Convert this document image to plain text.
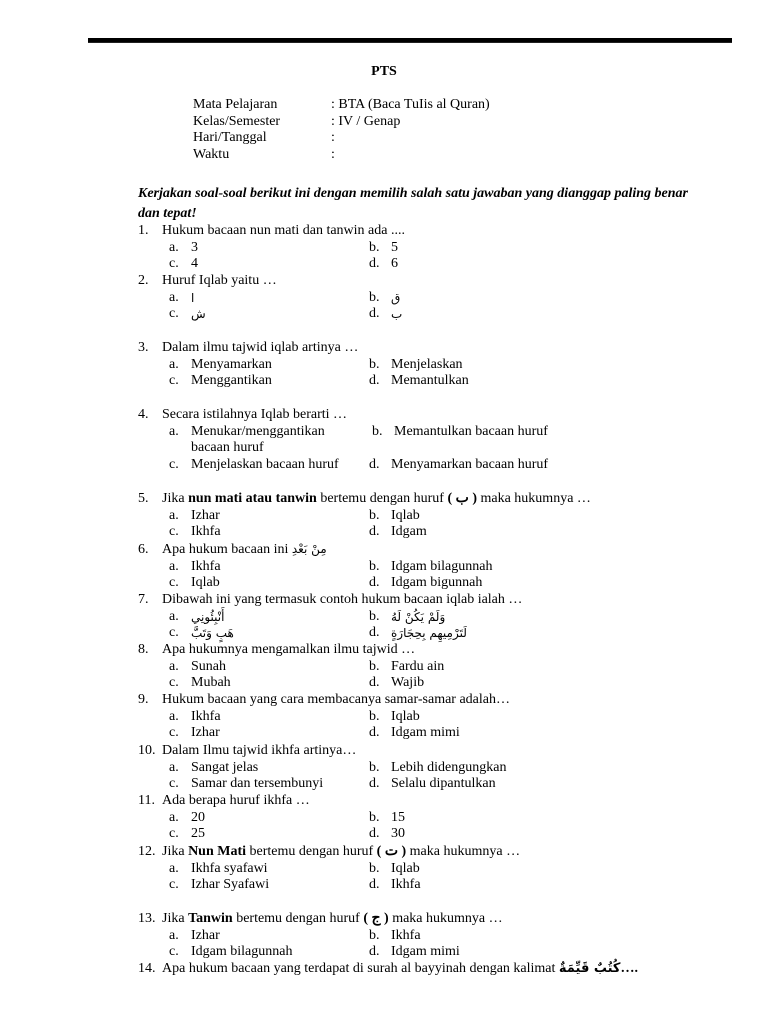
PTS
Mata Pelajaran	: BTA (Baca TuIis al Quran)
Kelas/Semester	: IV / Genap
Hari/Tanggal	:
Waktu	:
Kerjakan soal-soal berikut ini dengan memilih salah satu jawaban yang dianggap paling benar dan tepat!
1. Hukum bacaan nun mati dan tanwin ada ....
a. 3	b. 5
c. 4	d. 6
2. Huruf Iqlab yaitu …
a.	ا	b. ق
c.	ش	d. ب
3. Dalam ilmu tajwid iqlab artinya …
a. Menyamarkan	b. Menjelaskan
c. Menggantikan	d. Memantulkan
4. Secara istilahnya Iqlab berarti …
a. Menukar/menggantikan	b. Memantulkan bacaan huruf
bacaan huruf
c. Menjelaskan bacaan huruf d. Menyamarkan bacaan huruf
5. Jika nun mati atau tanwin bertemu dengan huruf ( ب ) maka hukumnya …
a. Izhar	b. Iqlab
c. Ikhfa	d. Idgam
6. Apa hukum bacaan ini مِنْ بَعْدِ
a. Ikhfa	b. Idgam bilagunnah
c. Iqlab	d. Idgam bigunnah
7. Dibawah ini yang termasuk contoh hukum bacaan iqlab ialah …
a.	أَنْبِئُونِي	b. وَلَمْ يَكُنْ لَهُ
c.	هَبٍ وَتَبَّ	d. لَتَرْمِيهِم بِحِجَارَةٍ
8. Apa hukumnya mengamalkan ilmu tajwid …
a. Sunah	b. Fardu ain
c. Mubah	d. Wajib
9. Hukum bacaan yang cara membacanya samar-samar adalah…
a. Ikhfa	b. Iqlab
c. Izhar	d. Idgam mimi
10. Dalam Ilmu tajwid ikhfa artinya…
a. Sangat jelas	b. Lebih didengungkan
c. Samar dan tersembunyi	d. Selalu dipantulkan
11. Ada berapa huruf ikhfa …
a. 20	b. 15
c. 25	d. 30
12. Jika Nun Mati bertemu dengan huruf ( ت ) maka hukumnya …
a. Ikhfa syafawi	b. Iqlab
c. Izhar Syafawi	d. Ikhfa
13. Jika Tanwin bertemu dengan huruf ( ج ) maka hukumnya …
a. Izhar	b. Ikhfa
c. Idgam bilagunnah	d. Idgam mimi
14. Apa hukum bacaan yang terdapat di surah al bayyinah dengan kalimat كُتُبٌ قَيِّمَةٌ….
